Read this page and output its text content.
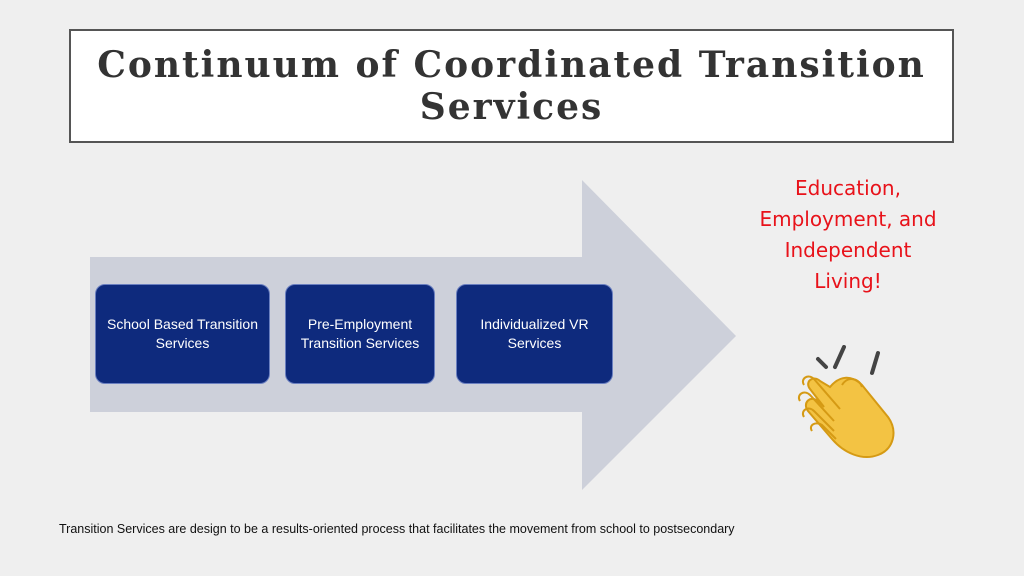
Continuum of Coordinated Transition Services
School Based Transition Services
Pre-Employment Transition Services
Individualized VR Services
Education, Employment, and Independent Living!
Transition Services are design to be a results-oriented process that facilitates the movement from school to postsecondary
